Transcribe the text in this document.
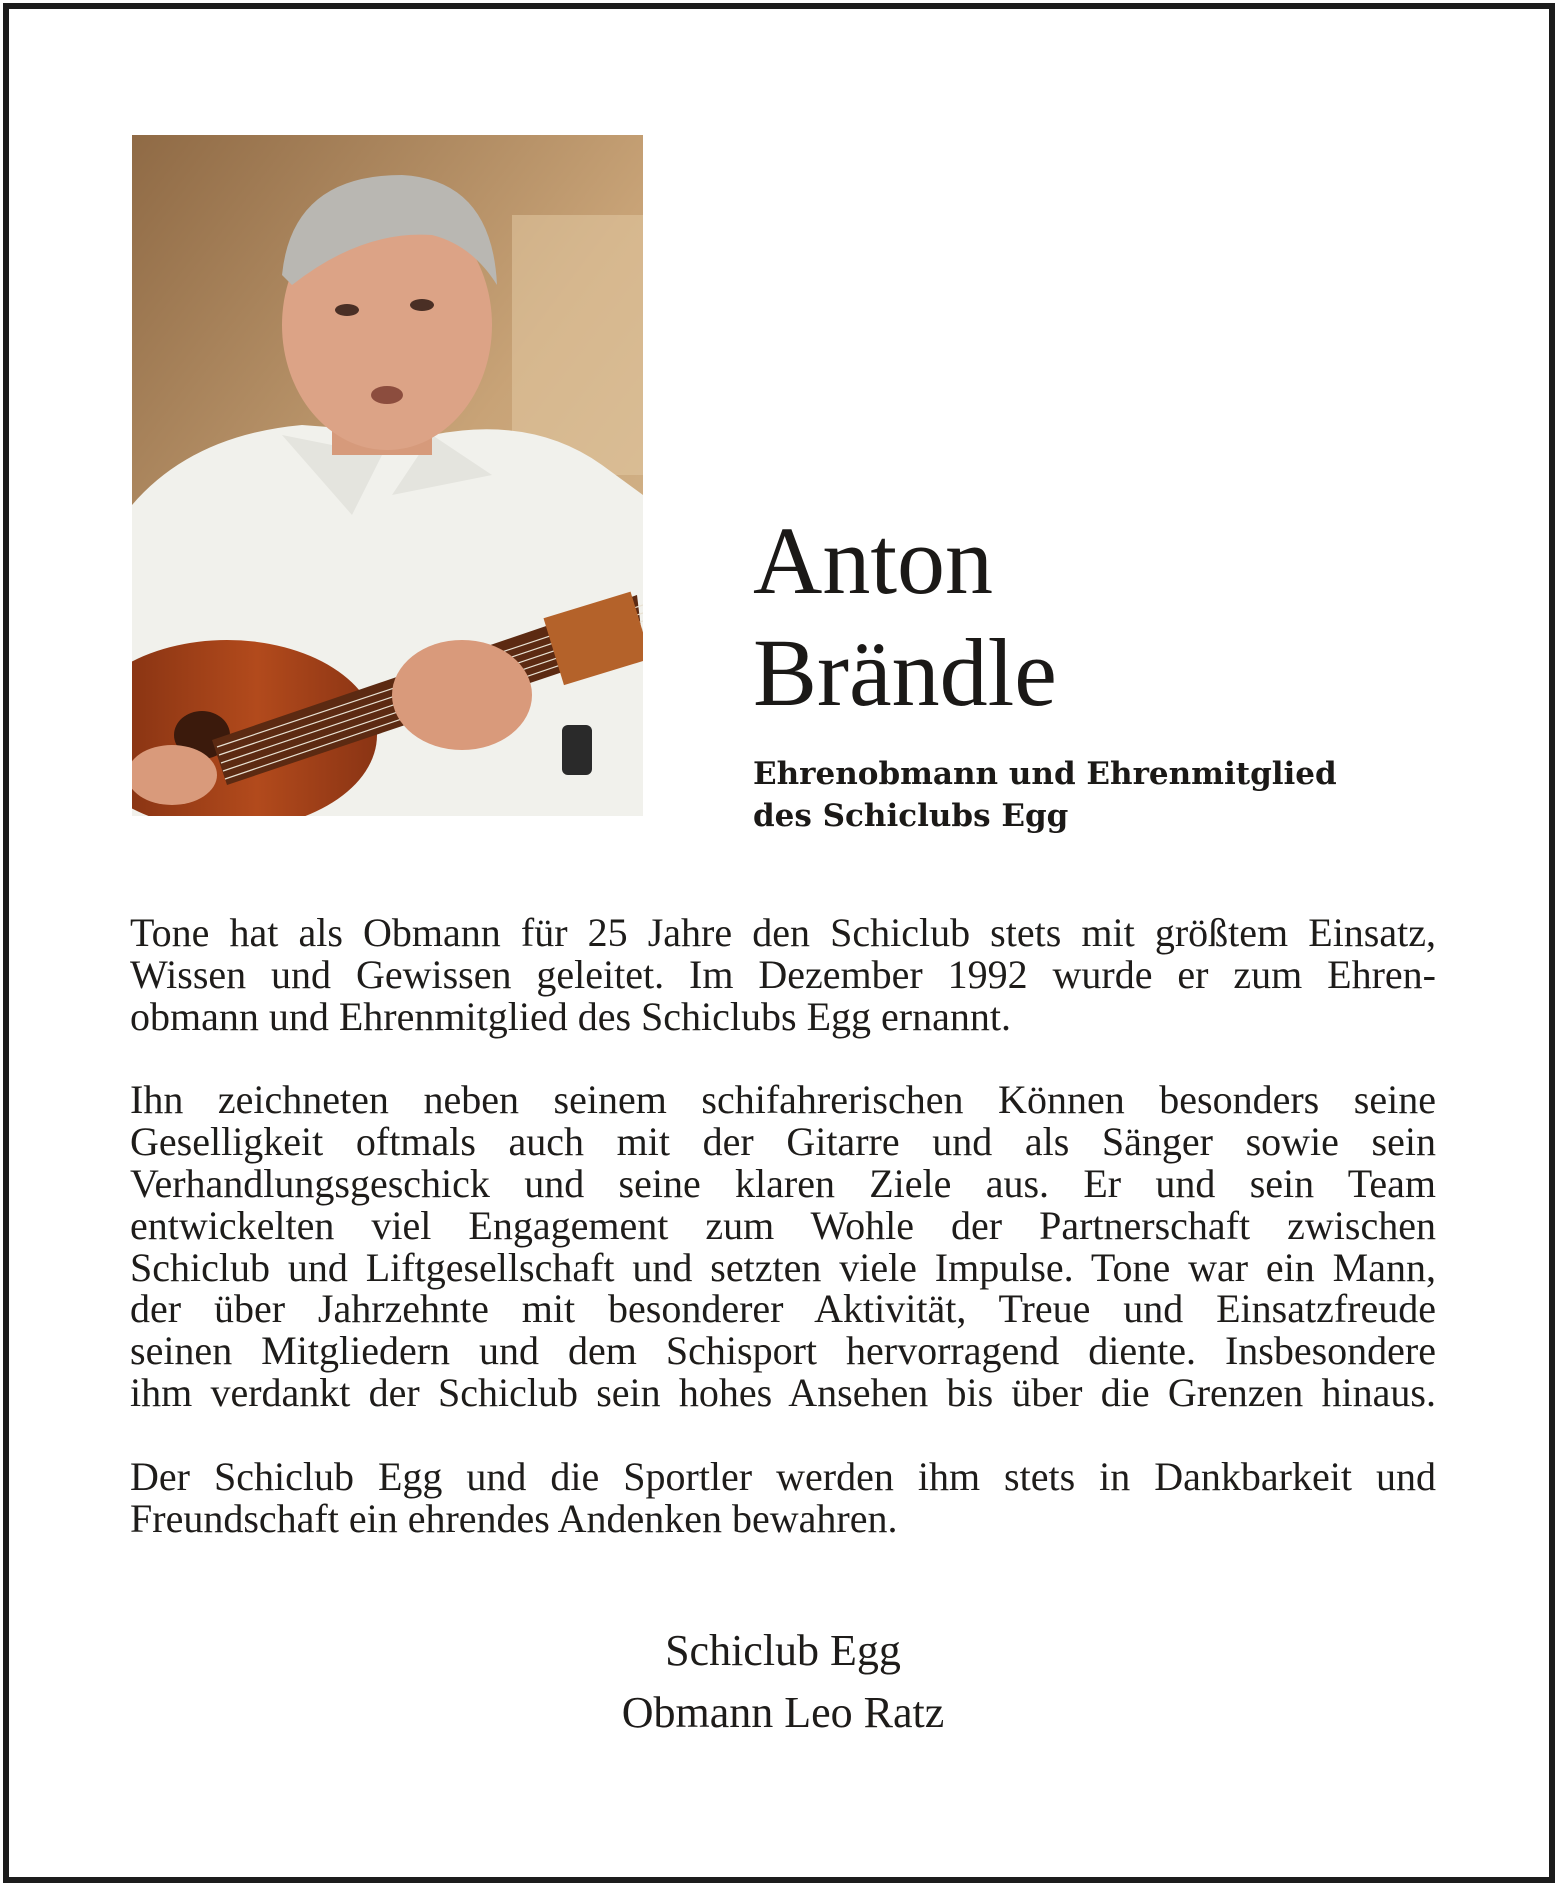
Anton
Brändle
Ehrenobmann und Ehrenmitglied
des Schiclubs Egg
Tone hat als Obmann für 25 Jahre den Schiclub stets mit größtem Einsatz,
Wissen und Gewissen geleitet. Im Dezember 1992 wurde er zum Ehren-
obmann und Ehrenmitglied des Schiclubs Egg ernannt.
Ihn zeichneten neben seinem schifahrerischen Können besonders seine
Geselligkeit oftmals auch mit der Gitarre und als Sänger sowie sein
Verhandlungsgeschick und seine klaren Ziele aus. Er und sein Team
entwickelten viel Engagement zum Wohle der Partnerschaft zwischen
Schiclub und Liftgesellschaft und setzten viele Impulse. Tone war ein Mann,
der über Jahrzehnte mit besonderer Aktivität, Treue und Einsatzfreude
seinen Mitgliedern und dem Schisport hervorragend diente. Insbesondere
ihm verdankt der Schiclub sein hohes Ansehen bis über die Grenzen hinaus.
Der Schiclub Egg und die Sportler werden ihm stets in Dankbarkeit und
Freundschaft ein ehrendes Andenken bewahren.
Schiclub Egg
Obmann Leo Ratz
